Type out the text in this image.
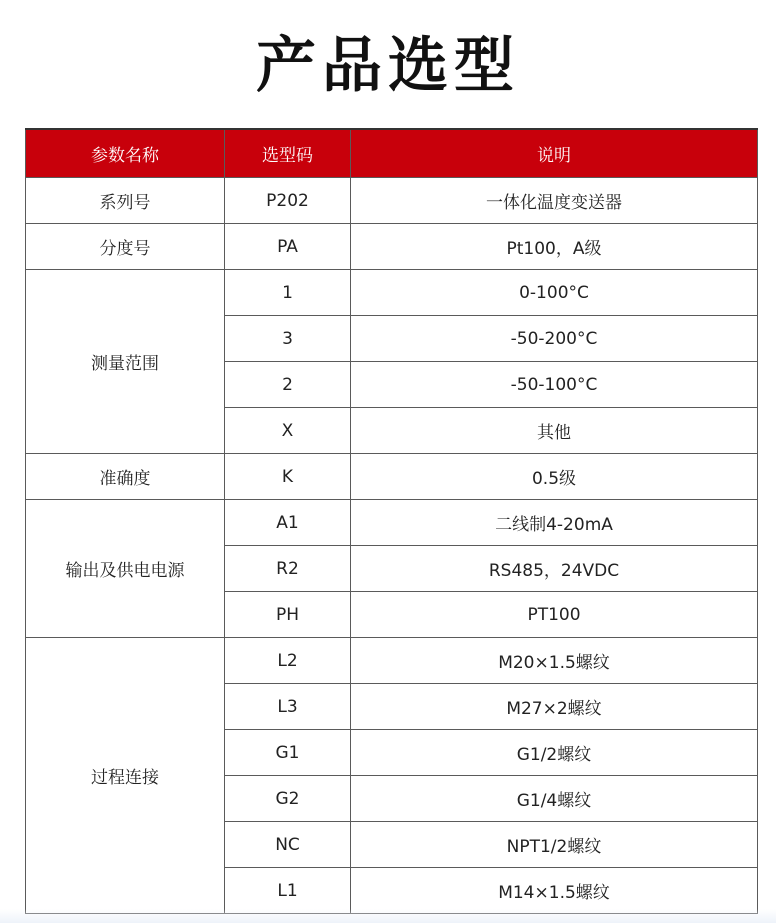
产品选型
参数名称	选型码	说明
系列号	P202	一体化温度变送器
分度号	PA	Pt100，A级
测量范围	1	0-100°C
	3	-50-200°C
	2	-50-100°C
	X	其他
准确度	K	0.5级
输出及供电电源	A1	二线制4-20mA
	R2	RS485，24VDC
	PH	PT100
过程连接	L2	M20×1.5螺纹
	L3	M27×2螺纹
	G1	G1/2螺纹
	G2	G1/4螺纹
	NC	NPT1/2螺纹
	L1	M14×1.5螺纹
